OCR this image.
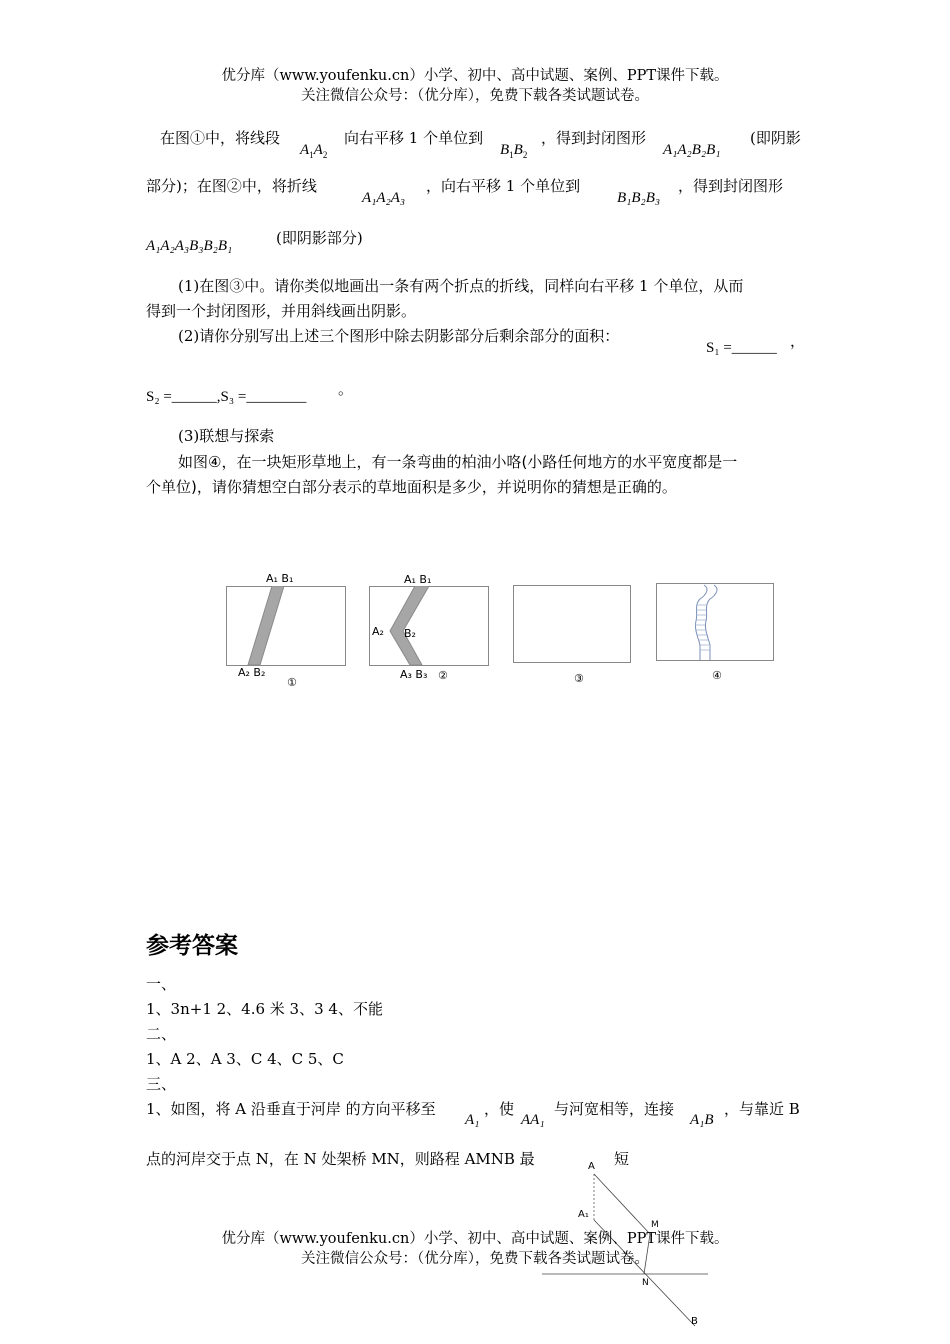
优分库（www.youfenku.cn）小学、初中、高中试题、案例、PPT课件下载。
关注微信公众号：（优分库），免费下载各类试题试卷。
在图①中，将线段
$A_1A_2$
向右平移 1 个单位到
$B_1B_2$
，得到封闭图形
A₁A₂B₂B₁
(即阴影
部分)；在图②中，将折线
A₁A₂A₃
，向右平移 1 个单位到
B₁B₂B₃
，得到封闭图形
A₁A₂A₃B₃B₂B₁	(即阴影部分)
(1)在图③中。请你类似地画出一条有两个折点的折线，同样向右平移 1 个单位，从而
得到一个封闭图形，并用斜线画出阴影。
(2)请你分别写出上述三个图形中除去阴影部分后剩余部分的面积：
S₁ =______ ，
S₂ =______,S₃ =________ 。
(3)联想与探索
如图④，在一块矩形草地上，有一条弯曲的柏油小咯(小路任何地方的水平宽度都是一
个单位)，请你猜想空白部分表示的草地面积是多少，并说明你的猜想是正确的。
A₁ B₁
A₂ B₂
①
A₁ B₁
A₂ B₂
A₃ B₃ ②	③	④
参考答案
一、
1、3n+1 2、4.6 米 3、3 4、不能
二、
1、A 2、A 3、C 4、C 5、C
三、
1、如图，将 A 沿垂直于河岸 的方向平移至
A₁
，使
AA₁
与河宽相等，连接
A₁B
，与靠近 B
点的河岸交于点 N，在 N 处架桥 MN，则路程 AMNB 最	短
A
A₁
M
N
B
优分库（www.youfenku.cn）小学、初中、高中试题、案例、PPT课件下载。
关注微信公众号：（优分库），免费下载各类试题试卷。
